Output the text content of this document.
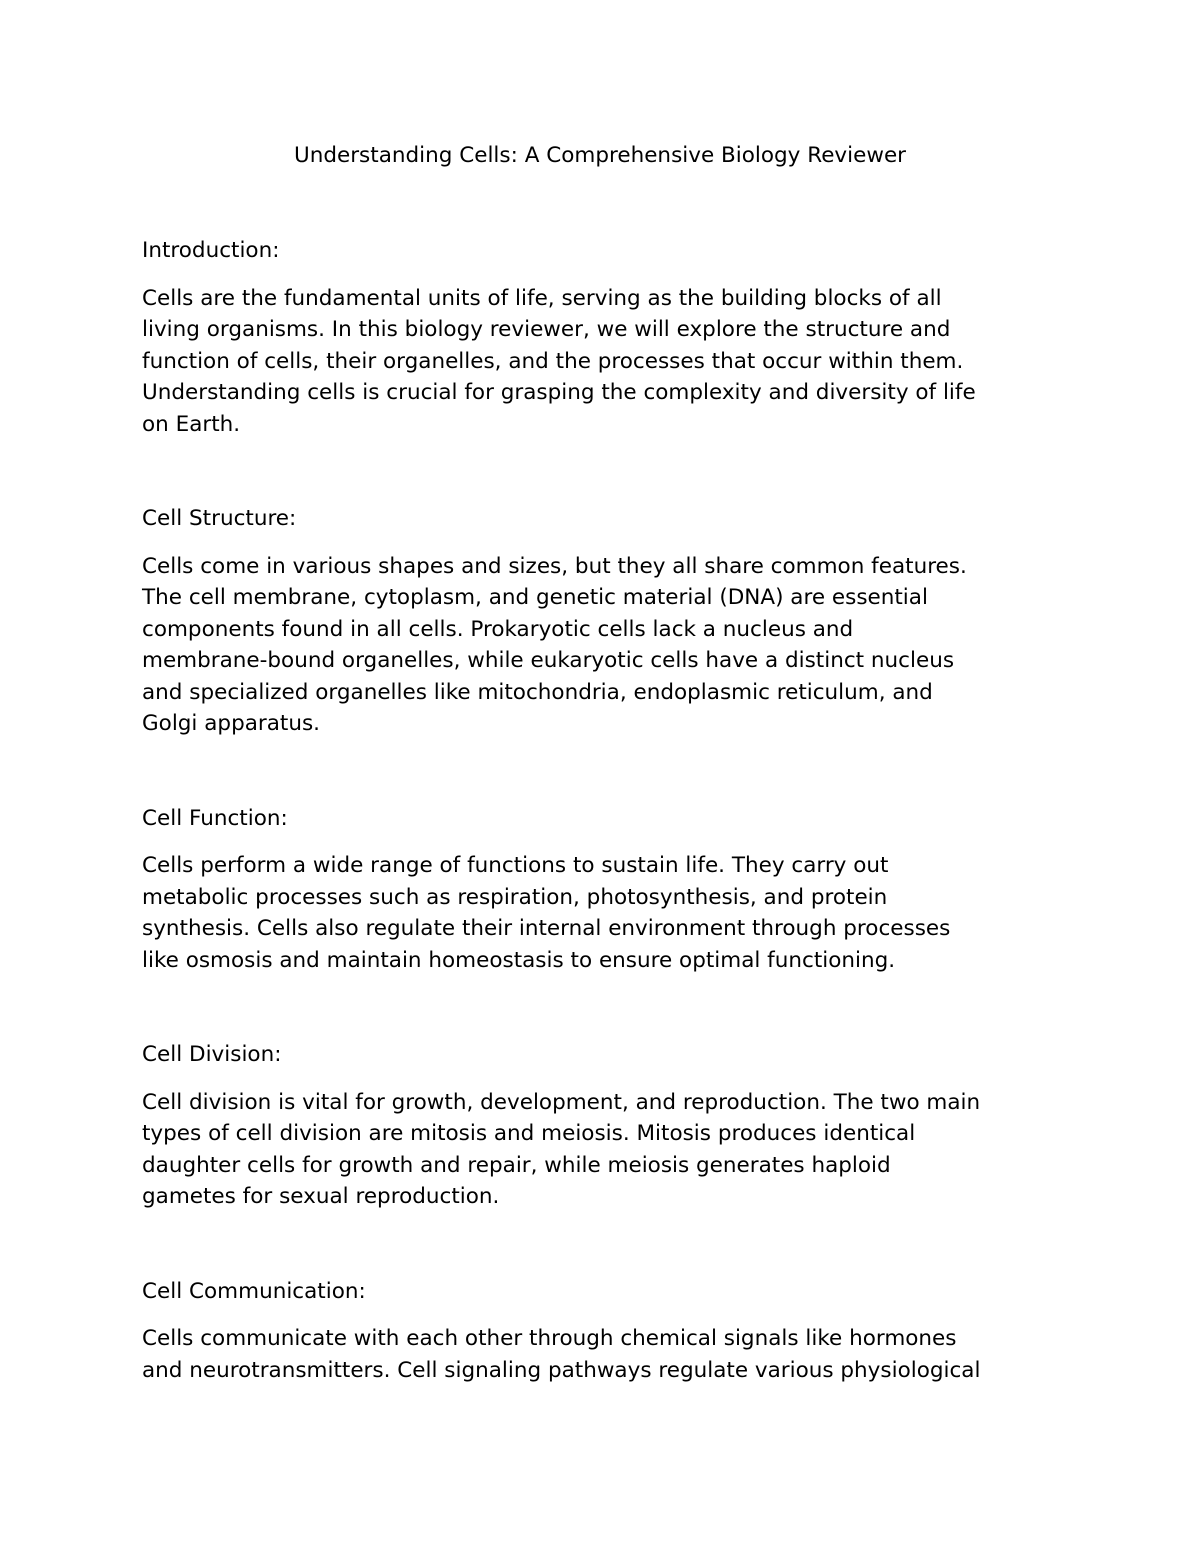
Understanding Cells: A Comprehensive Biology Reviewer
Introduction:
Cells are the fundamental units of life, serving as the building blocks of all
living organisms. In this biology reviewer, we will explore the structure and
function of cells, their organelles, and the processes that occur within them.
Understanding cells is crucial for grasping the complexity and diversity of life
on Earth.
Cell Structure:
Cells come in various shapes and sizes, but they all share common features.
The cell membrane, cytoplasm, and genetic material (DNA) are essential
components found in all cells. Prokaryotic cells lack a nucleus and
membrane-bound organelles, while eukaryotic cells have a distinct nucleus
and specialized organelles like mitochondria, endoplasmic reticulum, and
Golgi apparatus.
Cell Function:
Cells perform a wide range of functions to sustain life. They carry out
metabolic processes such as respiration, photosynthesis, and protein
synthesis. Cells also regulate their internal environment through processes
like osmosis and maintain homeostasis to ensure optimal functioning.
Cell Division:
Cell division is vital for growth, development, and reproduction. The two main
types of cell division are mitosis and meiosis. Mitosis produces identical
daughter cells for growth and repair, while meiosis generates haploid
gametes for sexual reproduction.
Cell Communication:
Cells communicate with each other through chemical signals like hormones
and neurotransmitters. Cell signaling pathways regulate various physiological
